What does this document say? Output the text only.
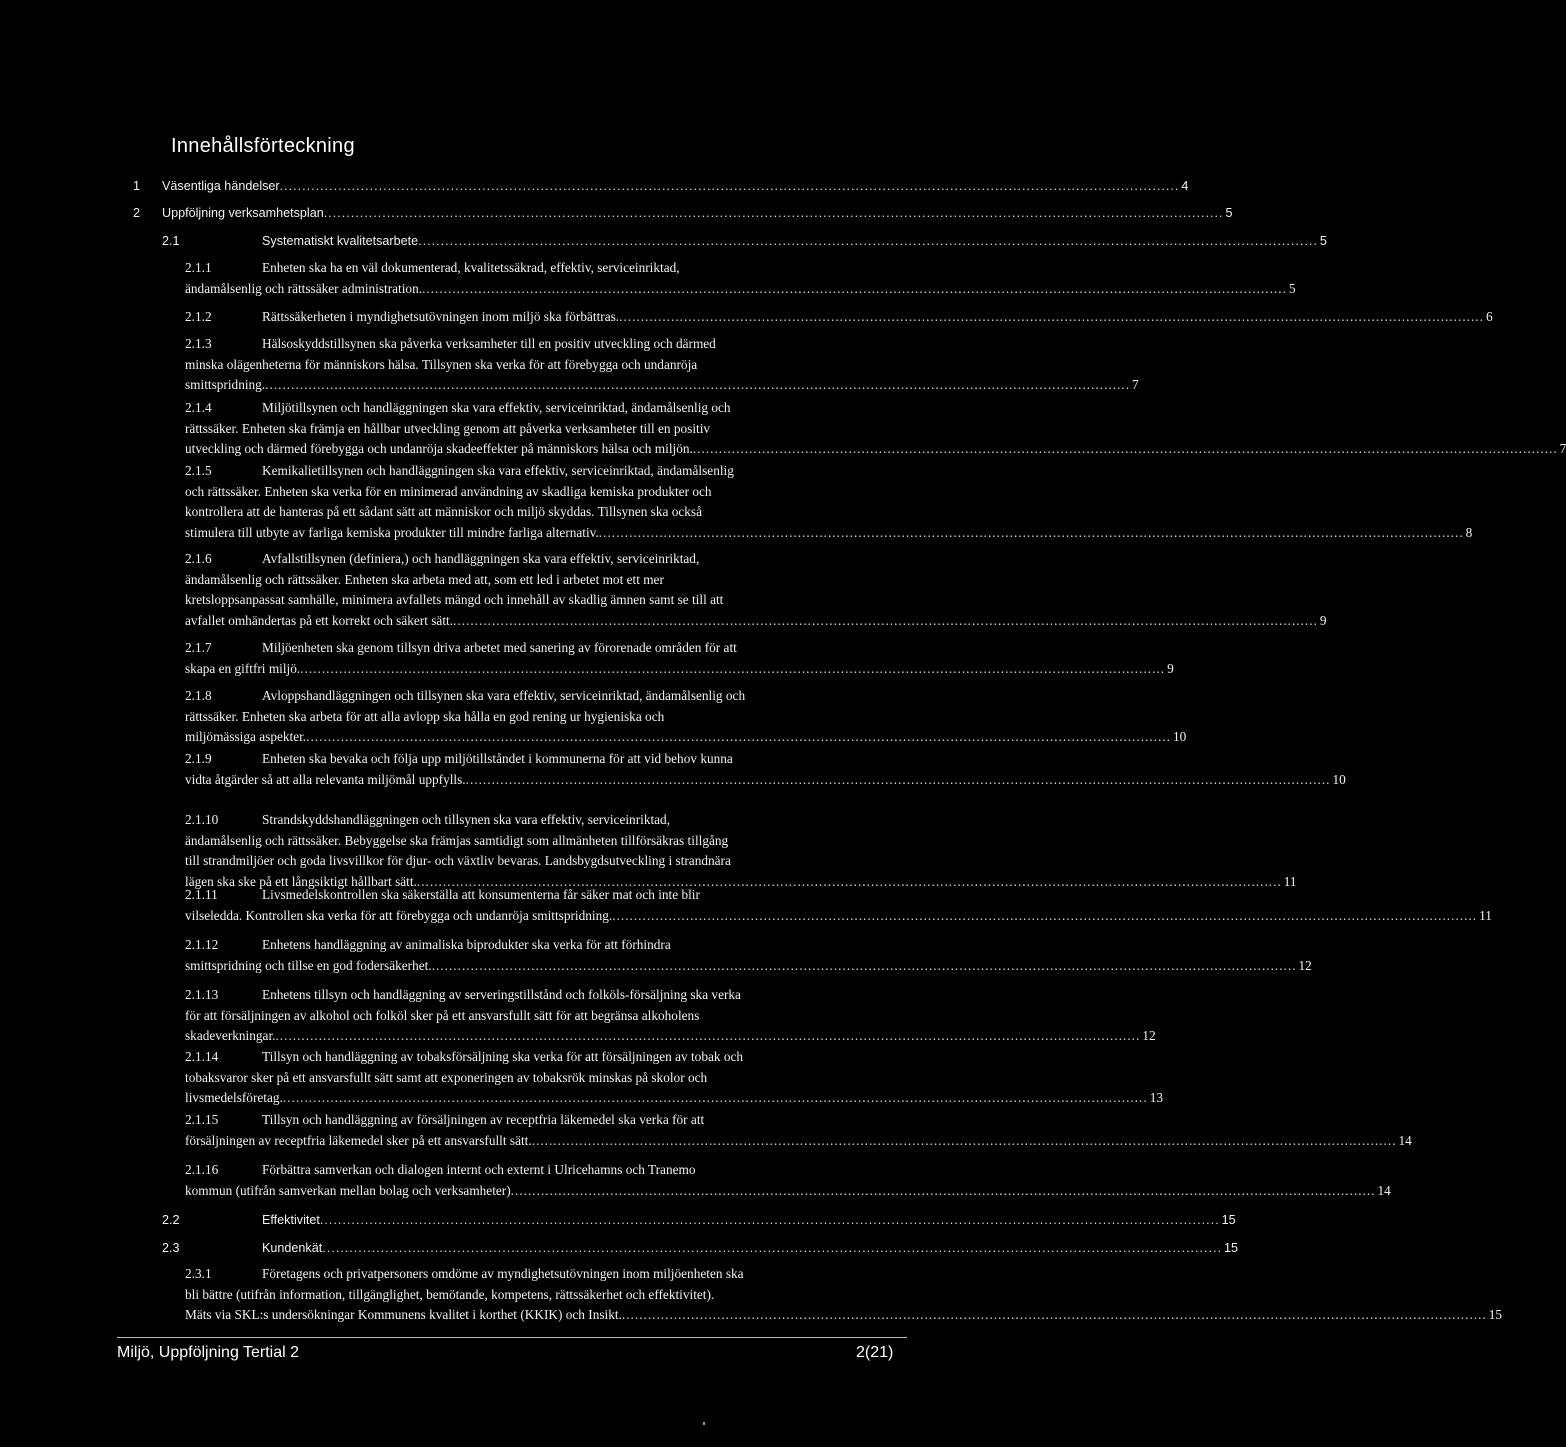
Innehållsförteckning
1 Väsentliga händelser ........................................................................................................................................................................................................ 4
2 Uppföljning verksamhetsplan ........................................................................................................................................................................................................ 5
2.1	Systematiskt kvalitetsarbete ........................................................................................................................................................................................................ 5
2.1.1	Enheten ska ha en väl dokumenterad, kvalitetssäkrad, effektiv, serviceinriktad,
ändamålsenlig och rättssäker administration. ........................................................................................................................................................................................................ 5
2.1.2	Rättssäkerheten i myndighetsutövningen inom miljö ska förbättras. ........................................................................................................................................................................................................ 6
2.1.3	Hälsoskyddstillsynen ska påverka verksamheter till en positiv utveckling och därmed
minska olägenheterna för människors hälsa. Tillsynen ska verka för att förebygga och undanröja
smittspridning. ........................................................................................................................................................................................................ 7
2.1.4	Miljötillsynen och handläggningen ska vara effektiv, serviceinriktad, ändamålsenlig och
rättssäker. Enheten ska främja en hållbar utveckling genom att påverka verksamheter till en positiv
utveckling och därmed förebygga och undanröja skadeeffekter på människors hälsa och miljön. ........................................................................................................................................................................................................ 7
2.1.5	Kemikalietillsynen och handläggningen ska vara effektiv, serviceinriktad, ändamålsenlig
och rättssäker. Enheten ska verka för en minimerad användning av skadliga kemiska produkter och
kontrollera att de hanteras på ett sådant sätt att människor och miljö skyddas. Tillsynen ska också
stimulera till utbyte av farliga kemiska produkter till mindre farliga alternativ. ........................................................................................................................................................................................................ 8
2.1.6	Avfallstillsynen (definiera,) och handläggningen ska vara effektiv, serviceinriktad,
ändamålsenlig och rättssäker. Enheten ska arbeta med att, som ett led i arbetet mot ett mer
kretsloppsanpassat samhälle, minimera avfallets mängd och innehåll av skadlig ämnen samt se till att
avfallet omhändertas på ett korrekt och säkert sätt. ........................................................................................................................................................................................................ 9
2.1.7	Miljöenheten ska genom tillsyn driva arbetet med sanering av förorenade områden för att
skapa en giftfri miljö. ........................................................................................................................................................................................................ 9
2.1.8	Avloppshandläggningen och tillsynen ska vara effektiv, serviceinriktad, ändamålsenlig och
rättssäker. Enheten ska arbeta för att alla avlopp ska hålla en god rening ur hygieniska och
miljömässiga aspekter. ........................................................................................................................................................................................................ 10
2.1.9	Enheten ska bevaka och följa upp miljötillståndet i kommunerna för att vid behov kunna
vidta åtgärder så att alla relevanta miljömål uppfylls. ........................................................................................................................................................................................................ 10
2.1.10	Strandskyddshandläggningen och tillsynen ska vara effektiv, serviceinriktad,
ändamålsenlig och rättssäker. Bebyggelse ska främjas samtidigt som allmänheten tillförsäkras tillgång
till strandmiljöer och goda livsvillkor för djur- och växtliv bevaras. Landsbygdsutveckling i strandnära
lägen ska ske på ett långsiktigt hållbart sätt. ........................................................................................................................................................................................................ 11
2.1.11	Livsmedelskontrollen ska säkerställa att konsumenterna får säker mat och inte blir
vilseledda. Kontrollen ska verka för att förebygga och undanröja smittspridning. ........................................................................................................................................................................................................ 11
2.1.12	Enhetens handläggning av animaliska biprodukter ska verka för att förhindra
smittspridning och tillse en god fodersäkerhet. ........................................................................................................................................................................................................ 12
2.1.13	Enhetens tillsyn och handläggning av serveringstillstånd och folköls-försäljning ska verka
för att försäljningen av alkohol och folköl sker på ett ansvarsfullt sätt för att begränsa alkoholens
skadeverkningar. ........................................................................................................................................................................................................ 12
2.1.14	Tillsyn och handläggning av tobaksförsäljning ska verka för att försäljningen av tobak och
tobaksvaror sker på ett ansvarsfullt sätt samt att exponeringen av tobaksrök minskas på skolor och
livsmedelsföretag. ........................................................................................................................................................................................................ 13
2.1.15	Tillsyn och handläggning av försäljningen av receptfria läkemedel ska verka för att
försäljningen av receptfria läkemedel sker på ett ansvarsfullt sätt. ........................................................................................................................................................................................................ 14
2.1.16	Förbättra samverkan och dialogen internt och externt i Ulricehamns och Tranemo
kommun (utifrån samverkan mellan bolag och verksamheter) ........................................................................................................................................................................................................ 14
2.2	Effektivitet ........................................................................................................................................................................................................ 15
2.3	Kundenkät ........................................................................................................................................................................................................ 15
2.3.1	Företagens och privatpersoners omdöme av myndighetsutövningen inom miljöenheten ska
bli bättre (utifrån information, tillgänglighet, bemötande, kompetens, rättssäkerhet och effektivitet).
Mäts via SKL:s undersökningar Kommunens kvalitet i korthet (KKIK) och Insikt. ........................................................................................................................................................................................................ 15
Miljö, Uppföljning Tertial 2	2(21)
